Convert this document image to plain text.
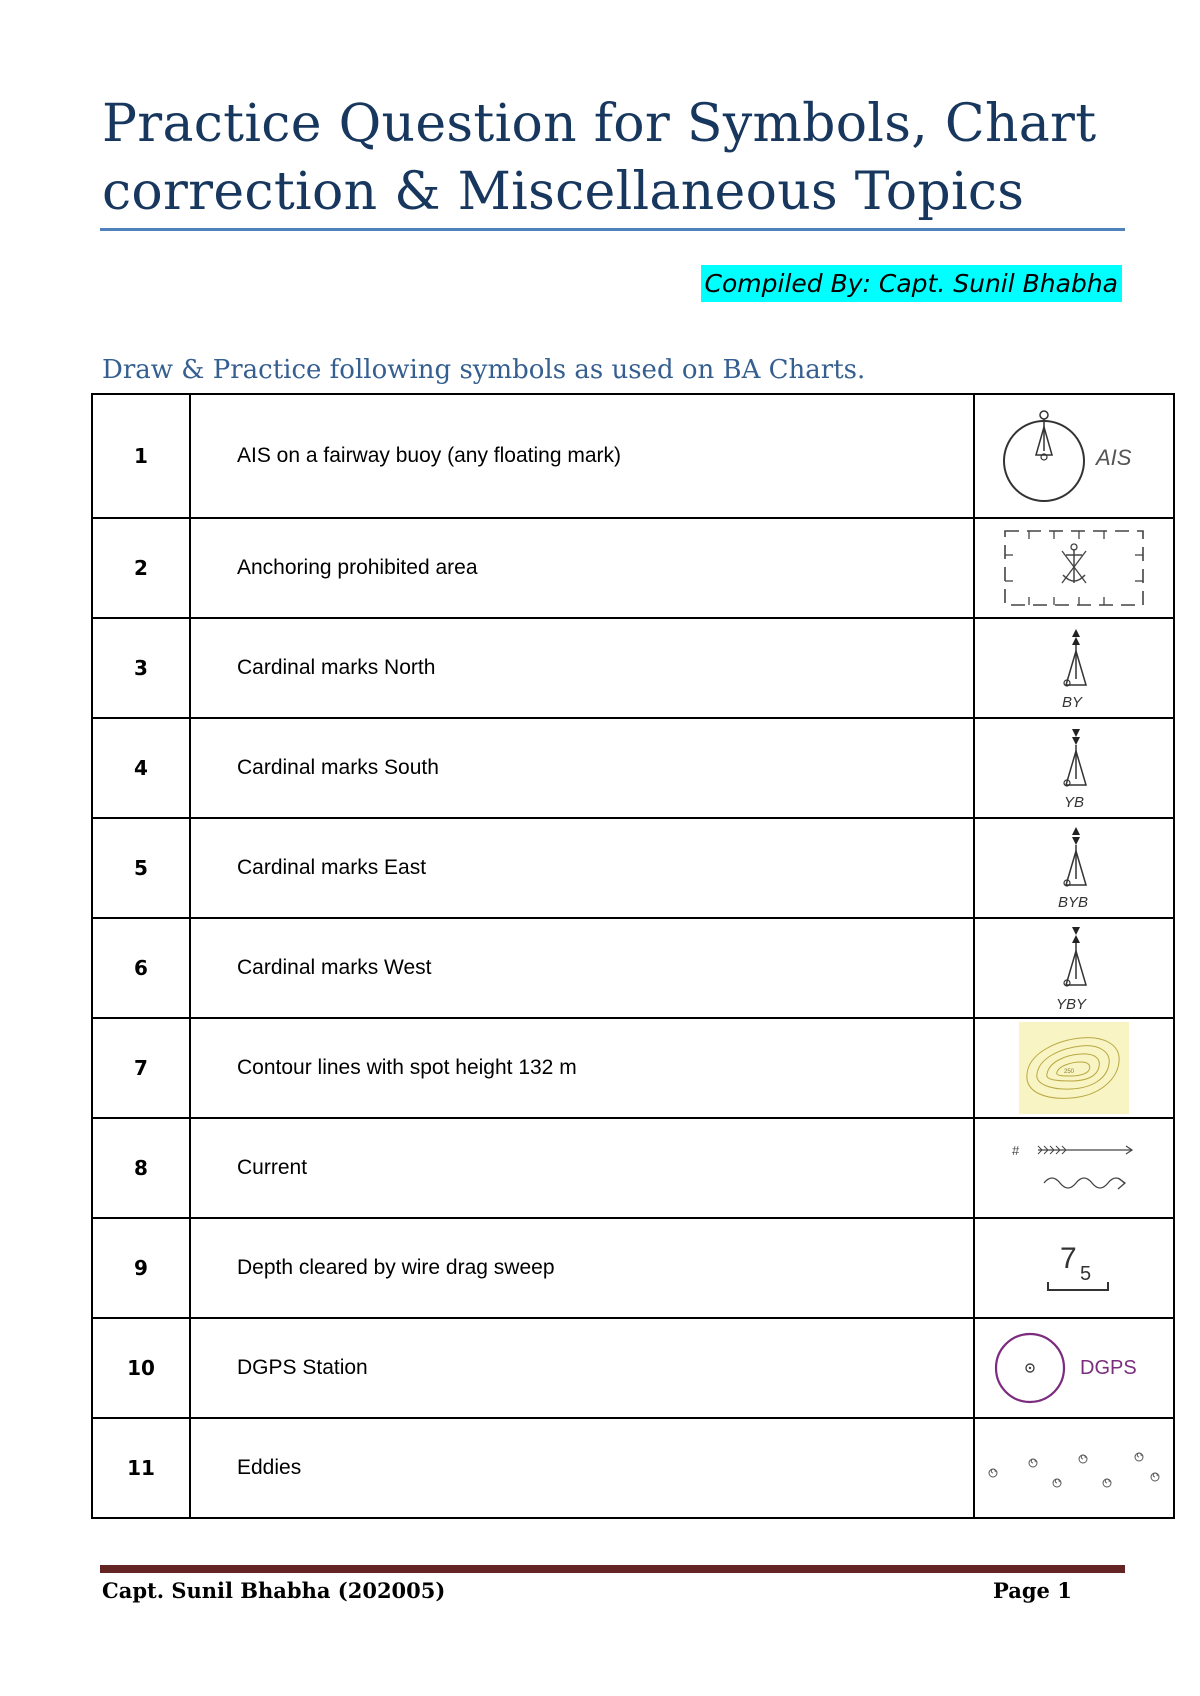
Practice Question for Symbols, Chart correction & Miscellaneous Topics
Compiled By: Capt. Sunil Bhabha
Draw & Practice following symbols as used on BA Charts.
1	AIS on a fairway buoy (any floating mark)	AIS

2	Anchoring prohibited area	

3	Cardinal marks North	BY

4	Cardinal marks South	YB

5	Cardinal marks East	BYB

6	Cardinal marks West	YBY

7	Contour lines with spot height 132 m	250

8	Current	#

9	Depth cleared by wire drag sweep	7 5

10	DGPS Station	DGPS

11	Eddies	
Capt. Sunil Bhabha (202005)	Page 1
